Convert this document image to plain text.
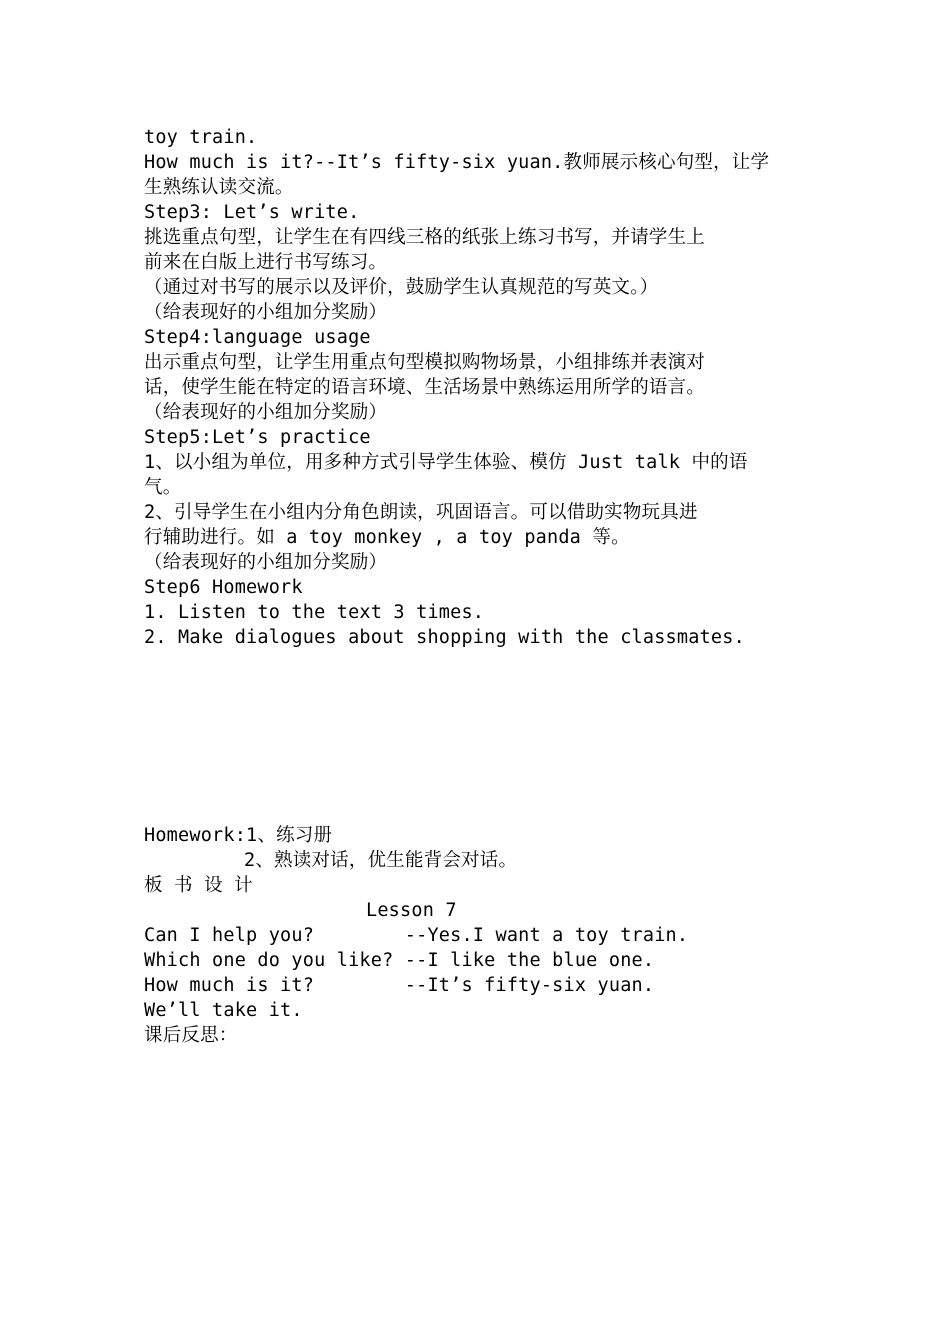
toy train.

How much is it?--It’s fifty-six yuan.教师展示核心句型，让学

生熟练认读交流。

Step3: Let’s write.

挑选重点句型，让学生在有四线三格的纸张上练习书写，并请学生上

前来在白版上进行书写练习。

（通过对书写的展示以及评价，鼓励学生认真规范的写英文。）

（给表现好的小组加分奖励）

Step4:language usage

出示重点句型，让学生用重点句型模拟购物场景，小组排练并表演对

话，使学生能在特定的语言环境、生活场景中熟练运用所学的语言。

（给表现好的小组加分奖励）

Step5:Let’s practice

1、以小组为单位，用多种方式引导学生体验、模仿 Just talk 中的语

气。

2、引导学生在小组内分角色朗读，巩固语言。可以借助实物玩具进

行辅助进行。如 a toy monkey , a toy panda 等。

（给表现好的小组加分奖励）

Step6 Homework

1. Listen to the text 3 times.

2. Make dialogues about shopping with the classmates.

Homework:1、练习册

2、熟读对话，优生能背会对话。

板 书 设 计

Lesson 7

Can I help you?        --Yes.I want a toy train.

Which one do you like? --I like the blue one.

How much is it?        --It’s fifty-six yuan.

We’ll take it.

课后反思：
